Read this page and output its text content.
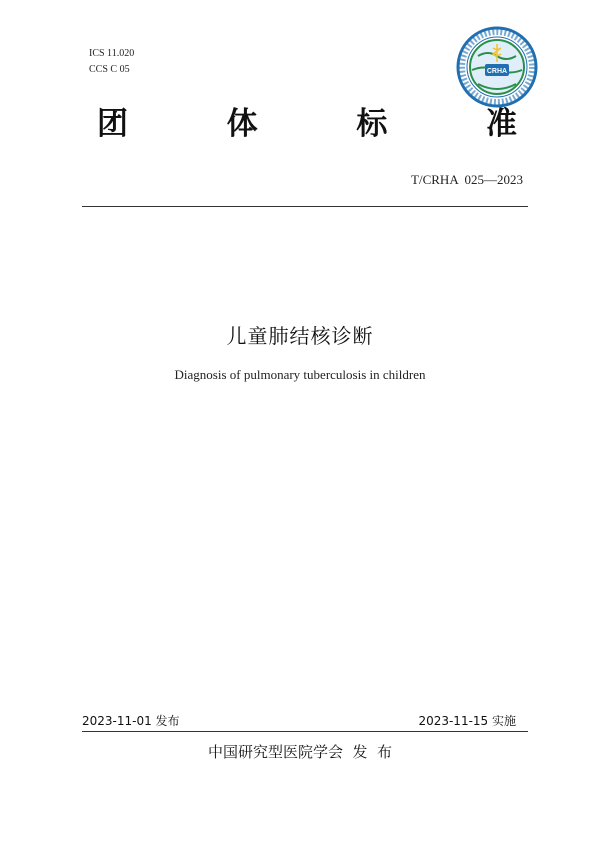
ICS 11.020
CCS C 05	CRHA
团	体	标	准
T/CRHA  025—2023
儿童肺结核诊断
Diagnosis of pulmonary tuberculosis in children
2023-11-01 发布	2023-11-15 实施
中国研究型医院学会  发  布
